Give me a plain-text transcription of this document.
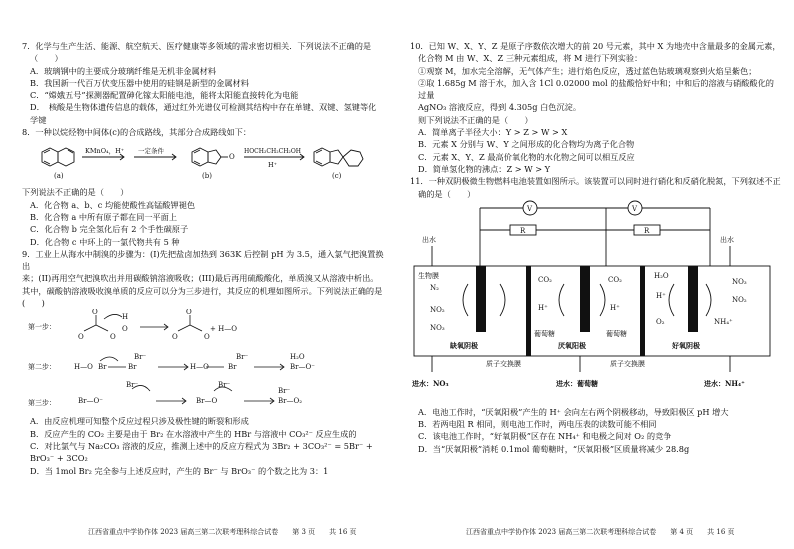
7．化学与生产生活、能源、航空航天、医疗健康等多领域的需求密切相关．下列说法不正确的是

（　　）

A．玻璃钢中的主要成分玻璃纤维是无机非金属材料

B．我国新一代百万伏变压器中使用的硅钢是新型的金属材料

C．“嫦娥五号”探测器配置砷化镓太阳能电池，能将太阳能直接转化为电能

D．　核酸是生物体遗传信息的载体，通过红外光谱仪可检测其结构中存在单键、双键、氢键等化学键

8．一种以烷烃物中间体(c)的合成路线，其部分合成路线如下：

O
KMnO₄，H⁺ 一定条件	HOCH₂CH₂CH₂OH
H⁺
(a)	(b)	(c)

下列说法不正确的是（　　）

A．化合物 a、b、c 均能使酸性高锰酸钾褪色

B．化合物 a 中所有原子都在同一平面上

C．化合物 b 完全氢化后有 2 个手性碳原子

D．化合物 c 中环上的一氯代物共有 5 种

9．工业上从海水中制溴的步骤为：(I)先把盐卤加热到 363K 后控制 pH 为 3.5，通入氯气把溴置换出

来；(II)再用空气把溴吹出并用碳酸钠溶液吸收；(III)最后再用硫酸酸化，单质溴又从溶液中析出。

其中，碳酸钠溶液吸收溴单质的反应可以分为三步进行，其反应的机理如图所示。下列说法正确的是

(　　)

第一步：
第二步：
第三步：
O	O
O
H
O
O	O
O
+ H—O
H—O	Br
Br
Br⁻
H—O	Br
Br⁻	H₂O
Br—O⁻
Br—O⁻
Br⁻
Br—O
Br⁻
Br⁻
Br—O₂

A．由反应机理可知整个反应过程只涉及极性键的断裂和形成

B．反应产生的 CO₂ 主要是由于 Br₂ 在水溶液中产生的 HBr 与溶液中 CO₃²⁻ 反应生成的

C．对比氯气与 Na₂CO₃ 溶液的反应，推测上述中的反应方程式为 3Br₂ + 3CO₃²⁻ = 5Br⁻ + BrO₃⁻ + 3CO₂

D．当 1mol Br₂ 完全参与上述反应时，产生的 Br⁻ 与 BrO₃⁻ 的个数之比为 3：1

江西省重点中学协作体 2023 届高三第二次联考理科综合试卷　　第 3 页　　共 16 页

10．已知 W、X、Y、Z 是原子序数依次增大的前 20 号元素，其中 X 为地壳中含量最多的金属元素，

化合物 M 由 W、X、Z 三种元素组成，将 M 进行下列实验：

①观察 M，加水完全溶解，无气体产生；进行焰色反应，透过蓝色钴玻璃观察到火焰呈紫色；

②取 1.685g M 溶于水，加入含 1Cl 0.02000 mol 的盐酸恰好中和；中和后的溶液与硝酸酸化的过量

AgNO₃ 溶液反应，得到 4.305g 白色沉淀。

则下列说法不正确的是（　　）

A．简单离子半径大小：Y > Z > W > X

B．元素 X 分别与 W、Y 之间形成的化合物均为离子化合物

C．元素 X、Y、Z 最高价氧化物的水化物之间可以相互反应

D．简单氢化物的沸点：Z > W > Y

11．一种双阴极微生物燃料电池装置如图所示。该装置可以同时进行硝化和反硝化脱氮，下列叙述不正

确的是（　　）

V	V
R	R
出水	出水
生物膜
N₂
NO₂
NO₃
CO₂
H⁺
葡萄糖
CO₂
H⁺
葡萄糖
H₂O
H⁺
O₂
NO₃
NO₂
NH₄⁺
缺氧阴极	厌氧阳极	好氧阴极
质子交换膜	质子交换膜
进水：NO₃	进水：葡萄糖	进水：NH₄⁺

A．电池工作时，“厌氧阳极”产生的 H⁺ 会向左右两个阴极移动，导致阳极区 pH 增大

B．若两电阻 R 相同，则电池工作时，两电压表的读数可能不相同

C．该电池工作时，“好氧阴极”区存在 NH₄⁺ 和电极之间对 O₂ 的竞争

D．当“厌氧阳极”消耗 0.1mol 葡萄糖时，“厌氧阳极”区质量将减少 28.8g

江西省重点中学协作体 2023 届高三第二次联考理科综合试卷　　第 4 页　　共 16 页
